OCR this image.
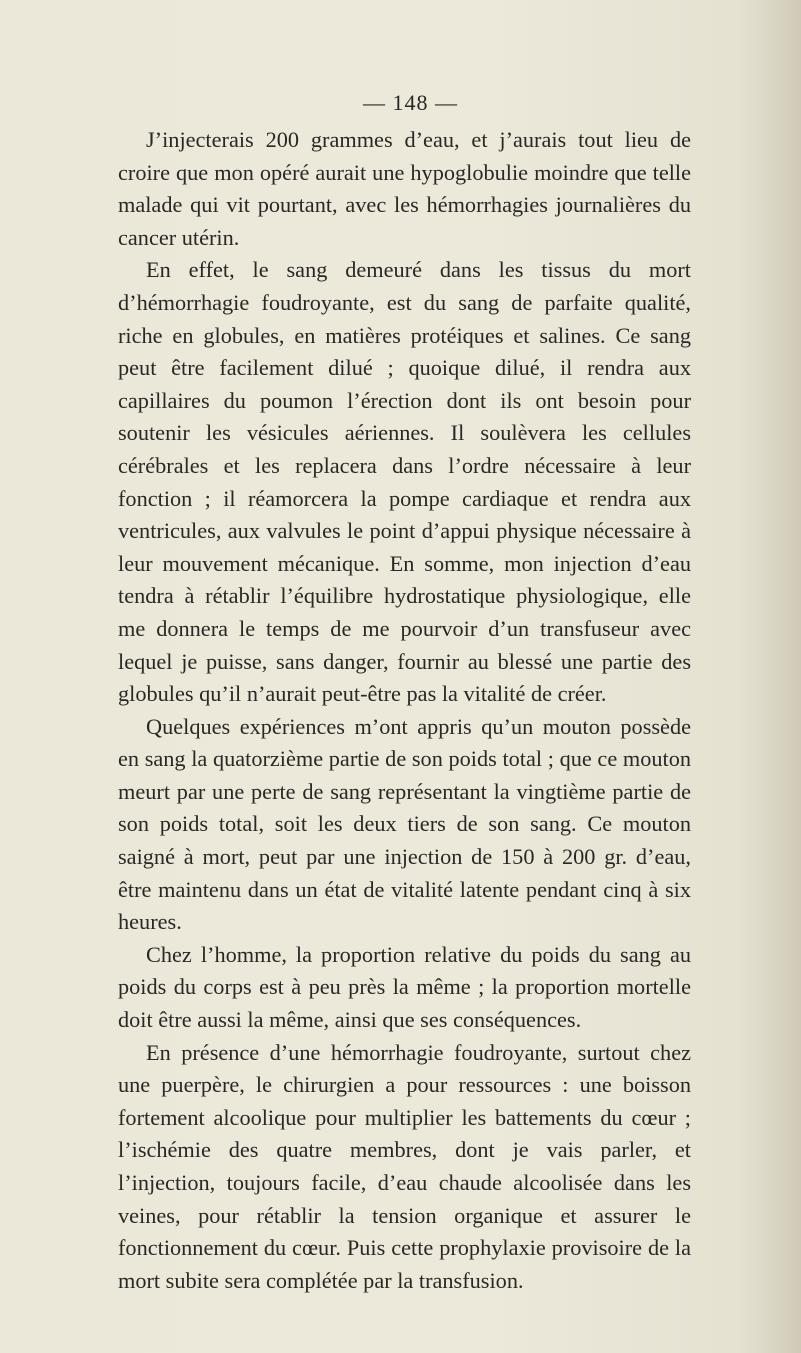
— 148 —

J’injecterais 200 grammes d’eau, et j’aurais tout lieu de croire que mon opéré aurait une hypoglobulie moindre que telle malade qui vit pourtant, avec les hémorrhagies journalières du cancer utérin.

En effet, le sang demeuré dans les tissus du mort d’hémorrhagie foudroyante, est du sang de parfaite qualité, riche en globules, en matières protéiques et salines. Ce sang peut être facilement dilué ; quoique dilué, il rendra aux capillaires du poumon l’érection dont ils ont besoin pour soutenir les vésicules aériennes. Il soulèvera les cellules cérébrales et les replacera dans l’ordre nécessaire à leur fonction ; il réamorcera la pompe cardiaque et rendra aux ventricules, aux valvules le point d’appui physique nécessaire à leur mouvement mécanique. En somme, mon injection d’eau tendra à rétablir l’équilibre hydrostatique physiologique, elle me donnera le temps de me pourvoir d’un transfuseur avec lequel je puisse, sans danger, fournir au blessé une partie des globules qu’il n’aurait peut-être pas la vitalité de créer.

Quelques expériences m’ont appris qu’un mouton possède en sang la quatorzième partie de son poids total ; que ce mouton meurt par une perte de sang représentant la vingtième partie de son poids total, soit les deux tiers de son sang. Ce mouton saigné à mort, peut par une injection de 150 à 200 gr. d’eau, être maintenu dans un état de vitalité latente pendant cinq à six heures.

Chez l’homme, la proportion relative du poids du sang au poids du corps est à peu près la même ; la proportion mortelle doit être aussi la même, ainsi que ses conséquences.

En présence d’une hémorrhagie foudroyante, surtout chez une puerpère, le chirurgien a pour ressources : une boisson fortement alcoolique pour multiplier les battements du cœur ; l’ischémie des quatre membres, dont je vais parler, et l’injection, toujours facile, d’eau chaude alcoolisée dans les veines, pour rétablir la tension organique et assurer le fonctionnement du cœur. Puis cette prophylaxie provisoire de la mort subite sera complétée par la transfusion.
